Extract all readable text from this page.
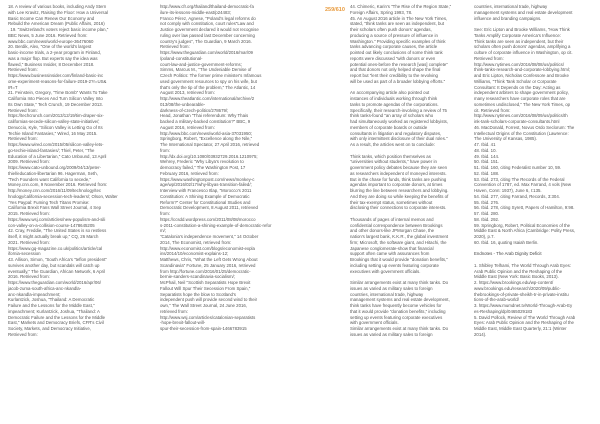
259/610
18. A review of various books, including Andy Stern
with Lee Kravitz, Raising the Floor: How a Universal
Basic Income Can Renew Our Economy and
Rebuild the American Dream (Public Affairs, 2016)
. 19. "Switzerland's voters reject basic income plan,"
BBC News, 5 June 2016. Retrieved from:
www.bbc.com/news/world-europe-36476060
20. Berdik, Alex, "One of the world's largest
basic-income trials, a 2-year program in Finland,
was a major flop. But experts say the idea was
flawed," Business Insider, 8 December 2018.
Retrieved from:
https://www.businessinsider.com/finland-basic-inc
ome-experiment-reasons-for-failure-2019-2?r=US&
IR=T
21. Feinstein, Gregory, "Time Bomb" Wants To Take
California Into Pieces And Turn Silicon Valley Into
Its Own State," Tech Crunch, 19 December 2013.
Retrieved from:
https://techcrunch.com/2013/12/19/tim-draper-six-
californias-secede-silicon-valley-state-initiative/;
Denuccio, Kyle, "Silicon Valley is Letting Go of Its
Techie Island Fantasies," Wired, 16 May 2015.
Retrieved from:
https://www.wired.com/2015/05/silicon-valley-lets-
go-techie-island-fantasies/; Thiel, Peter, "The
Education of a Libertarian," Cato Unbound, 13 April
2009. Retrieved from:
https://www.cato-unbound.org/2009/04/13/peter-
thiel/education-libertarian 96. Hagerman, Seth,
"Tech Founders want California to secede,"
Money.cnn.com, 9 November 2016. Retrieved from:
http://money.cnn.com/2016/11/09/technology/tec
hnology/california-secession-tech-leaders/; Olson, Walter
"Yes Paypal: Fuming Tech Titans Promise:
California Brexit Fans Wall Street Journal, 4 Sep
2015. Retrieved from:
https://www.wsj.com/articles/new-populism-and-sili
con-valley-on-a-collision-course-1478645205
42. Cray, Freddie, "The United States is so restless
itself, it might actually break up," CQ, 26 March
2021. Retrieved from:
https://www.gq-magazine.co.uk/politics/article/cal
ifornia-secession
43. Allison, Simon, "South Africa's "teflon president"
survives another day, but scandals will catch up
eventually," The Guardian, African Network, 6 April
2016. Retrieved from:
https://www.theguardian.com/world/2016/apr/06/
jacob-zuma-south-africa-anc-nkandla-
anc-nkandla-impeachment;
Kurlantzick, Joshua, "Thailand: A Democratic
Failure and the Lessons for the Middle East,"
impeachment; Kurlantzick, Joshua, "Thailand: A
Democratic Failure and the Lessons for the Middle
East," Markets and Democracy Briefs, CFR's Civil
Society, Markets, and Democracy Initiative,
Retrieved from:
http://www.cfr.org/thailand/thailand-democratic-fa
ilure-its-lessons-middle-east/p24483;
Franco Pérez, Agnese, "Poland's legal reforms do
not comply with constitution, court rules"Law and
Justice government declared it would not recognise
ruling over law passed last December concerning
country's judges", The Guardian, 9 March 2016.
Retrieved from:
https://www.theguardian.com/world/2016/mar/09
/poland-constitutional-
court-law-and-justice-government-reforms;
Simms, Marcus M., "The Undeniable Demise of
Czech Politics: The former prime minister's Infamous
used government resources to spy on his wife, but
that's only the tip of the problem," The Atlantic, 14
August 2013, retrieved from:
http://www.theatlantic.com/international/archive/2
013/08/the-unbearable-
darkness-of-czech-politics/278679/;
Head, Jonathan "Thai referendum: Why Thais
backed a military-backed constitution?" BBC, 9
August 2016, retrieved from:
http://www.bbc.com/news/world-asia-37031950;
Springborg, Robert, "Excellence along the Nile,"
The International Spectator, 27 April 2016, retrieved
from:
http://dx.doi.org/10.1080/03932729.2016.1210975;
Wehrey, Frederic "Why Libya's revolution to
democracy failed," The Washington Post, 17
February 2016, retrieved from:
https://www.washingtonpost.com/news/monkey-c
age/wp/2016/02/17/why-libyas-transition-failed/;
Interview with Francesco Itlap, "Morocco's 2011
Constitution: A Shining Example of Democratic
Reform?" Center for Constitutional Studies and
Democratic Development, 8 August 2011, retrieved
from:
https://ccsdd.wordpress.com/2011/08/08/morocco
s-2011-constitution-a-shining-example-of-democratic-refor
m/;
"Catalonia's independence movement," 14 October
2014, The Economist, retrieved from:
http://www.economist.com/blogs/economist-expla
ins/2014/10/economist-explains-12;
Matthews, Chris, "What the Left Gets Wrong About
Scandinavia" Fortune, 25 January 2016, retrieved
from http://fortune.com/2016/01/25/democratic-
bernie-sanders-scandinavia-socialism/;
McPhail, Neil "Scottish Separatists Hope Brexit
Fallout Will Spur Their Secession From Spain,"
Separatists hope the blow to Scotland's
independent push will provide second wind to their
own," The Wall Street Journal, 24 June 2016,
retrieved from:
http://www.wsj.com/articles/catalonian-separatists
-hope-brexit-fallout-will-
spur-their-secession-from-spain-1466783915
44. Chimeric, Karin's "The Rise of the Region State,"
Foreign Affairs, Spring 1993, 78.
45. An August 2016 article in The New York Times,
stated, "think tanks are seen as independent, but
their scholars often push donors' agendas,
producing a source of pressure of influence in
Washington." Providing specific examples of think
tanks advancing corporate causes, the article
pointed out likely conclusions of some think tank
reports were discussed "with donors or even
potential ones-before the research [was] complete"
and that donors not only helped shape the final
report but "lent their credibility to the revolving
will be used as part of a broader lobbying efforts."
An accompanying article also pointed out
instances of individuals working through think
tanks to promote agendas of the corporations.
Specifically, their research-involving a review of 75
think tanks-found "an array of scholars who
had simultaneously worked as registered lobbyists,
members of corporate boards or outside
consultants in litigation and regulatory disputes,
with only intermittent disclosure of their dual roles."
As a result, the articles went on to conclude:
Think tanks, which position themselves as
"universities without students," have power in
government policy debates because they are seen
as researchers independent of moneyed interests.
But in the chase for funds, think tanks are pushing
agendas important to corporate donors, at times
blurring the line between researchers and lobbying.
And they are doing so while keeping the benefits of
their tax-exempt status, sometimes without
disclosing their connections to corporate interests.
Thousands of pages of internal memos and
confidential correspondence between Brookings
and other donors-like JPMorgan Chase, the
nation's largest bank, K.K.R., the global investment
firm; Microsoft, the software giant, and Hitachi, the
Japanese conglomerate-show that financial
support often came with assurances from
Brookings that it would provide "donation benefits,"
including setting up events featuring corporate
executives with government officials.
Similar arrangements exist at many think tanks. Do
issues as varied as military sales to foreign
countries, international trade, highway
management systems and real estate development,
think tanks have frequently become vehicles for
that it would provide "donation benefits," including
setting up events featuring corporate executives
with government officials.
Similar arrangements exist at many think tanks. Do
issues as varied as military sales to foreign
countries, international trade, highway
management systems and real estate development
influence and branding campaigns.
See: Eric Lipton and Brooke Williams, "How Think
Tanks Amplify Corporate America's Influence:
Think tanks are seen as independent, but their
scholars often push donors' agendas, amplifying a
culture of corporate influence in Washington, op cit.
Retrieved from:
http://www.nytimes.com/2016/08/08/us/politics/
think-tanks-research-and-corporate-lobbying.html;
and Eric Lipton, Nicholas Confessore and Brooke
Williams, "Think Tank Scholar or Corporate
Consultant: It Depends on the Day: Acting as
independent arbiters to shape government policy,
many researchers have corporate roles that are
sometimes undisclosed," The New York Times, op
cit. Retrieved from:
http://www.nytimes.com/2016/08/09/us/politics/th
ink-tank-scholars-corporate-consultants.html
46. MacDonald, Forrest, Novus Ordo Seclorum: The
Intellectual Origins of the Constitution (Lawrence:
The University of Kansas, 1985).
47. Ibid. 41
48. Ibid. 10.
49. Ibid. 144.
50. Ibid. 151.
51. Ibid. 160, citing Federalist number 10, 59.
52. Ibid. 188.
53. Ibid. 273, citing The Records of the Federal
Convention of 1787, ed. Max Farrand, 4 vols (New
Haven, Conn: 1937), June 6, I:135.
54. Ibid. 277, citing Farrand, Records, 3:304.
55. Ibid. 276.
56. Ibid. 278, citing Syrett, Papers of Hamilton, 9:98.
57. Ibid. 280.
58. Ibid. 292.
59. Springborg, Robert, Political Economies of the
Middle East & North Africa (Cambridge: Polity Press,
2020), p.7.
60. Ibid. 16, quoting Isaiah Berlin.
Endnotes - The Arab Dignity Deficit
1. Shibley Telhami, The World Through Arab Eyes:
Arab Public Opinion and the Reshaping of the
Middle East (New York: Basic Books, 2013).
2. https://www.brookings.edu/wp-content/
www.brookings.edu/research/2020/09/public-
thebrookings-of-private-sheikh-tr-in-private-institu
tions-of-the-arab-world/
3. https://www.mumdnet.tv/World-Through-Arab-Ey
es-Reshaping/dp/0465029183
5. David Pollock, Review of The World Through Arab
Eyes: Arab Public Opinion and the Reshaping of the
Middle East, Middle East Quarterly, 21:1 (Winter
2014).
